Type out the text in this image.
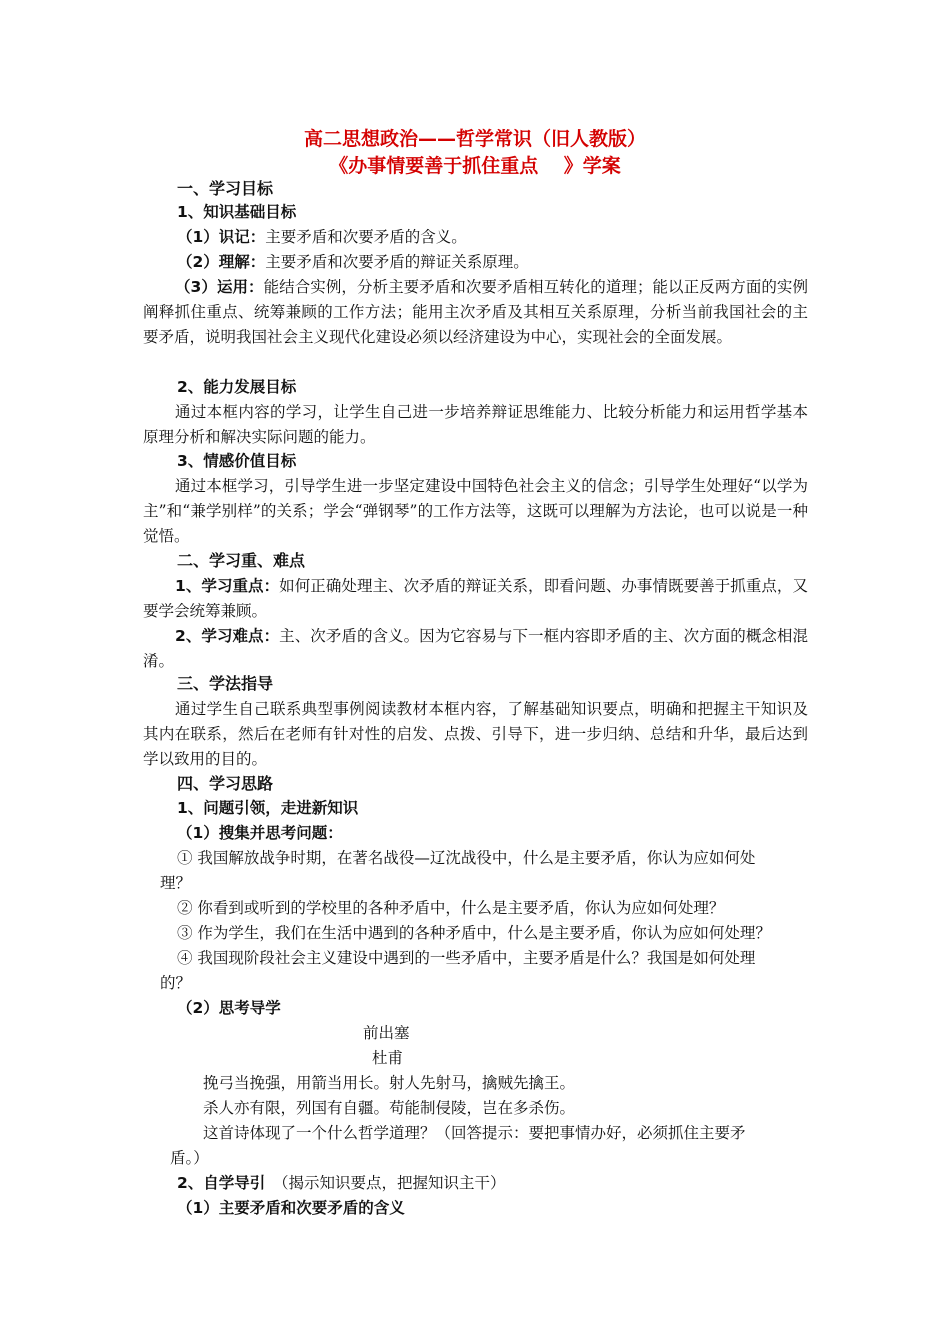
高二思想政治——哲学常识（旧人教版）
《办事情要善于抓住重点　 》学案
一、学习目标
1、知识基础目标
（1）识记：主要矛盾和次要矛盾的含义。
（2）理解：主要矛盾和次要矛盾的辩证关系原理。
（3）运用：能结合实例，分析主要矛盾和次要矛盾相互转化的道理；能以正反两方面的实例阐释抓住重点、统筹兼顾的工作方法；能用主次矛盾及其相互关系原理，分析当前我国社会的主要矛盾，说明我国社会主义现代化建设必须以经济建设为中心，实现社会的全面发展。
2、能力发展目标
通过本框内容的学习，让学生自己进一步培养辩证思维能力、比较分析能力和运用哲学基本原理分析和解决实际问题的能力。
3、情感价值目标
通过本框学习，引导学生进一步坚定建设中国特色社会主义的信念；引导学生处理好“以学为主”和“兼学别样”的关系；学会“弹钢琴”的工作方法等，这既可以理解为方法论，也可以说是一种觉悟。
二、学习重、难点
1、学习重点：如何正确处理主、次矛盾的辩证关系，即看问题、办事情既要善于抓重点，又要学会统筹兼顾。
2、学习难点：主、次矛盾的含义。因为它容易与下一框内容即矛盾的主、次方面的概念相混淆。
三、学法指导
通过学生自己联系典型事例阅读教材本框内容，了解基础知识要点，明确和把握主干知识及其内在联系，然后在老师有针对性的启发、点拨、引导下，进一步归纳、总结和升华，最后达到学以致用的目的。
四、学习思路
1、问题引领，走进新知识
（1）搜集并思考问题：
① 我国解放战争时期，在著名战役—辽沈战役中，什么是主要矛盾，你认为应如何处
理？
② 你看到或听到的学校里的各种矛盾中，什么是主要矛盾，你认为应如何处理？
③ 作为学生，我们在生活中遇到的各种矛盾中，什么是主要矛盾，你认为应如何处理？
④ 我国现阶段社会主义建设中遇到的一些矛盾中，主要矛盾是什么？我国是如何处理
的？
（2）思考导学
前出塞
杜甫
挽弓当挽强，用箭当用长。射人先射马，擒贼先擒王。
杀人亦有限，列国有自疆。苟能制侵陵，岂在多杀伤。
这首诗体现了一个什么哲学道理？（回答提示：要把事情办好，必须抓住主要矛
盾。）
2、自学导引　（揭示知识要点，把握知识主干）
（1）主要矛盾和次要矛盾的含义
